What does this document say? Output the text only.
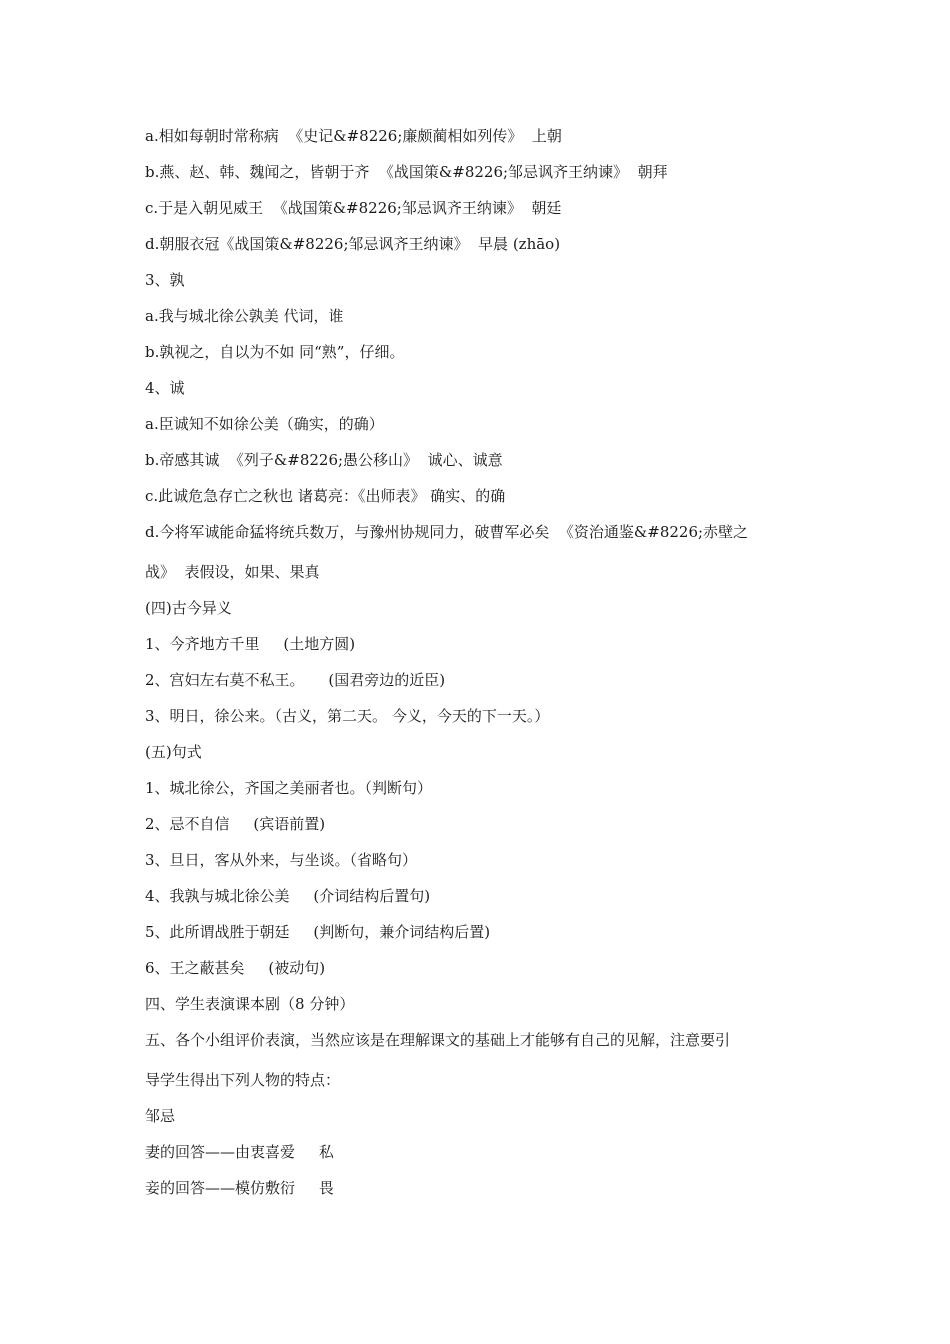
a.相如每朝时常称病  《史记&#8226;廉颇蔺相如列传》  上朝
b.燕、赵、韩、魏闻之，皆朝于齐  《战国策&#8226;邹忌讽齐王纳谏》  朝拜
c.于是入朝见威王  《战国策&#8226;邹忌讽齐王纳谏》  朝廷
d.朝服衣冠《战国策&#8226;邹忌讽齐王纳谏》  早晨 (zhāo)
3、孰
a.我与城北徐公孰美 代词，谁
b.孰视之，自以为不如 同“熟”，仔细。
4、诚
a.臣诚知不如徐公美（确实，的确）
b.帝感其诚  《列子&#8226;愚公移山》  诚心、诚意
c.此诚危急存亡之秋也 诸葛亮：《出师表》 确实、的确
d.今将军诚能命猛将统兵数万，与豫州协规同力，破曹军必矣  《资治通鉴&#8226;赤壁之
战》  表假设，如果、果真
(四)古今异义
1、今齐地方千里     (土地方圆)
2、宫妇左右莫不私王。     (国君旁边的近臣)
3、明日，徐公来。（古义，第二天。 今义，今天的下一天。）
(五)句式
1、城北徐公，齐国之美丽者也。（判断句）
2、忌不自信     (宾语前置)
3、旦日，客从外来，与坐谈。（省略句）
4、我孰与城北徐公美     (介词结构后置句)
5、此所谓战胜于朝廷     (判断句，兼介词结构后置)
6、王之蔽甚矣     (被动句)
四、学生表演课本剧（8 分钟）
五、各个小组评价表演，当然应该是在理解课文的基础上才能够有自己的见解，注意要引
导学生得出下列人物的特点：
邹忌
妻的回答——由衷喜爱     私
妾的回答——模仿敷衍     畏
